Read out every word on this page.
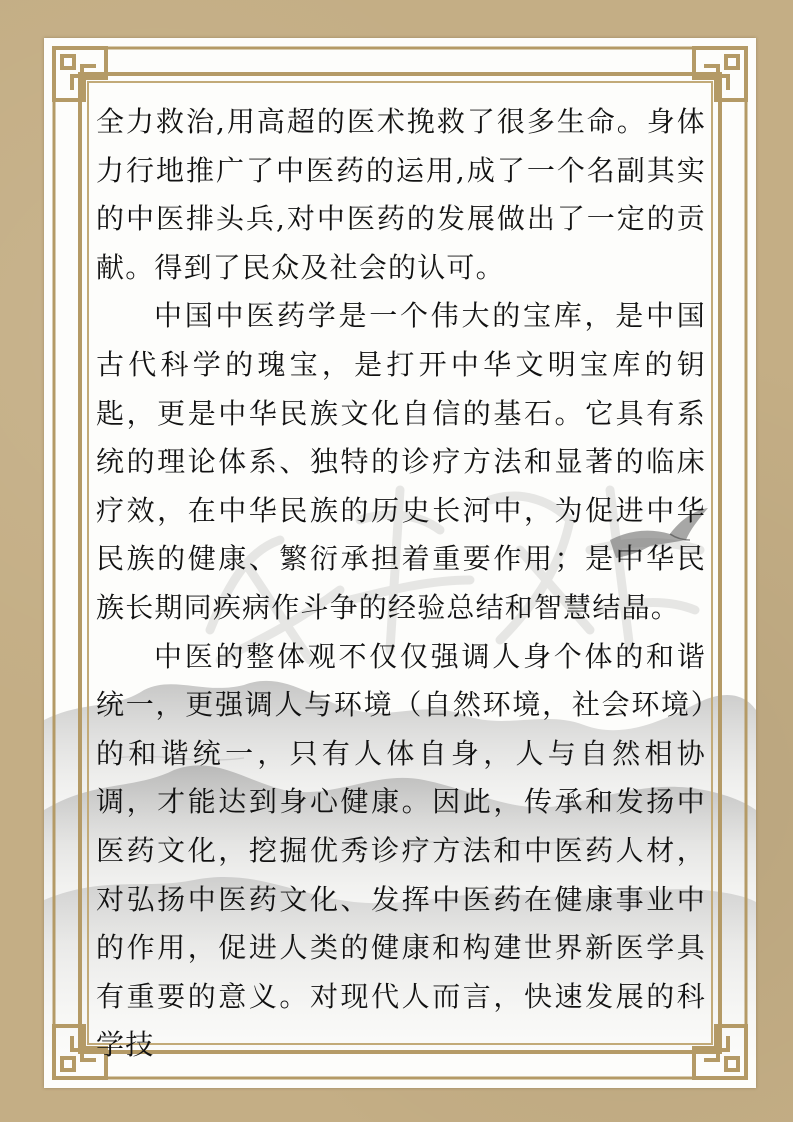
全力救治,用高超的医术挽救了很多生命。身体力行地推广了中医药的运用,成了一个名副其实的中医排头兵,对中医药的发展做出了一定的贡献。得到了民众及社会的认可。

中国中医药学是一个伟大的宝库，是中国古代科学的瑰宝，是打开中华文明宝库的钥匙，更是中华民族文化自信的基石。它具有系统的理论体系、独特的诊疗方法和显著的临床疗效，在中华民族的历史长河中，为促进中华民族的健康、繁衍承担着重要作用；是中华民族长期同疾病作斗争的经验总结和智慧结晶。

中医的整体观不仅仅强调人身个体的和谐统一，更强调人与环境（自然环境，社会环境）的和谐统一，只有人体自身，人与自然相协调，才能达到身心健康。因此，传承和发扬中医药文化，挖掘优秀诊疗方法和中医药人材，对弘扬中医药文化、发挥中医药在健康事业中的作用，促进人类的健康和构建世界新医学具有重要的意义。对现代人而言，快速发展的科学技
